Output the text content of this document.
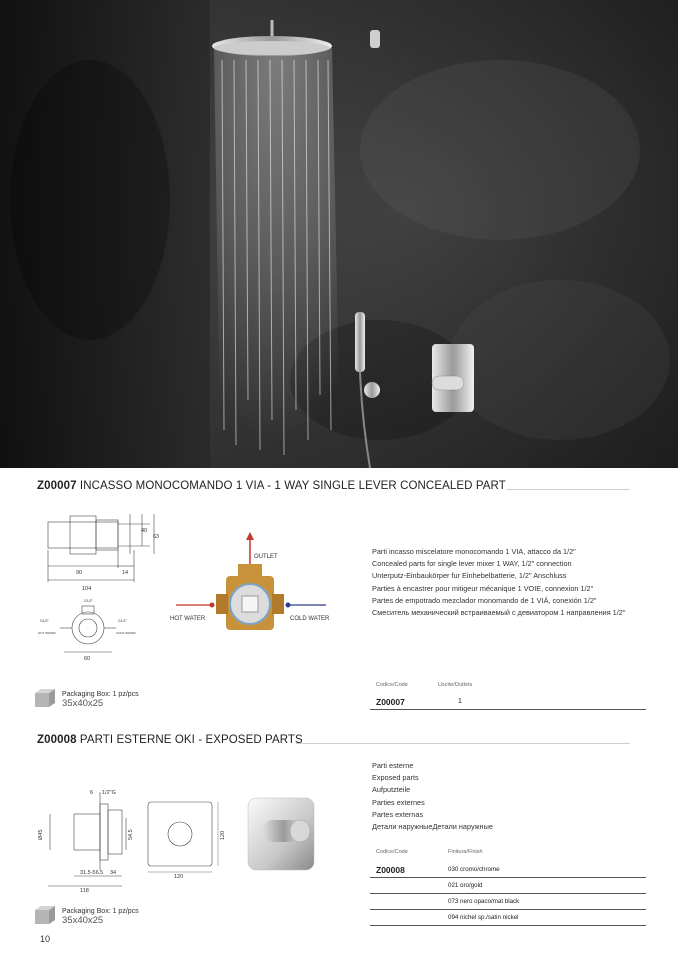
Z00007 INCASSO MONOCOMANDO 1 VIA - 1 WAY SINGLE LEVER CONCEALED PART
40
63
90	14
104
G1/2"
G1/2"	G1/2"
HOT WATER	COLD WATER
60
OUTLET
HOT WATER	COLD WATER
Parti incasso miscelatore monocomando 1 VIA, attacco da 1/2"
Concealed parts for single lever mixer 1 WAY, 1/2" connection
Unterputz-Einbaukörper fur Einhebelbatterie, 1/2" Anschluss
Parties à encastrer pour mitigeur mécanique 1 VOIE, connexion 1/2"
Partes de empotrado mezclador monomando de 1 VIÁ, conexión 1/2"
Смеситель механический встраиваемый с девиатором 1 направления 1/2"
Codice/Code	Uscite/Outlets
Z00007	1
Packaging Box: 1 pz/pcs
35x40x25
Z00008 PARTI ESTERNE OKI - EXPOSED PARTS
6 1/2"G
Ø45	54.5
31.5-56.5 34
118
120
120
Parti esterne
Exposed parts
Aufputzteile
Parties externes
Partes externas
Детали наружныеДетали наружные
Codice/Code	Finitura/Finish
Z00008	030 cromo/chrome
021 oro/gold
073 nero opaco/mat black
094 nichel sp./satin nickel
Packaging Box: 1 pz/pcs
35x40x25
10
